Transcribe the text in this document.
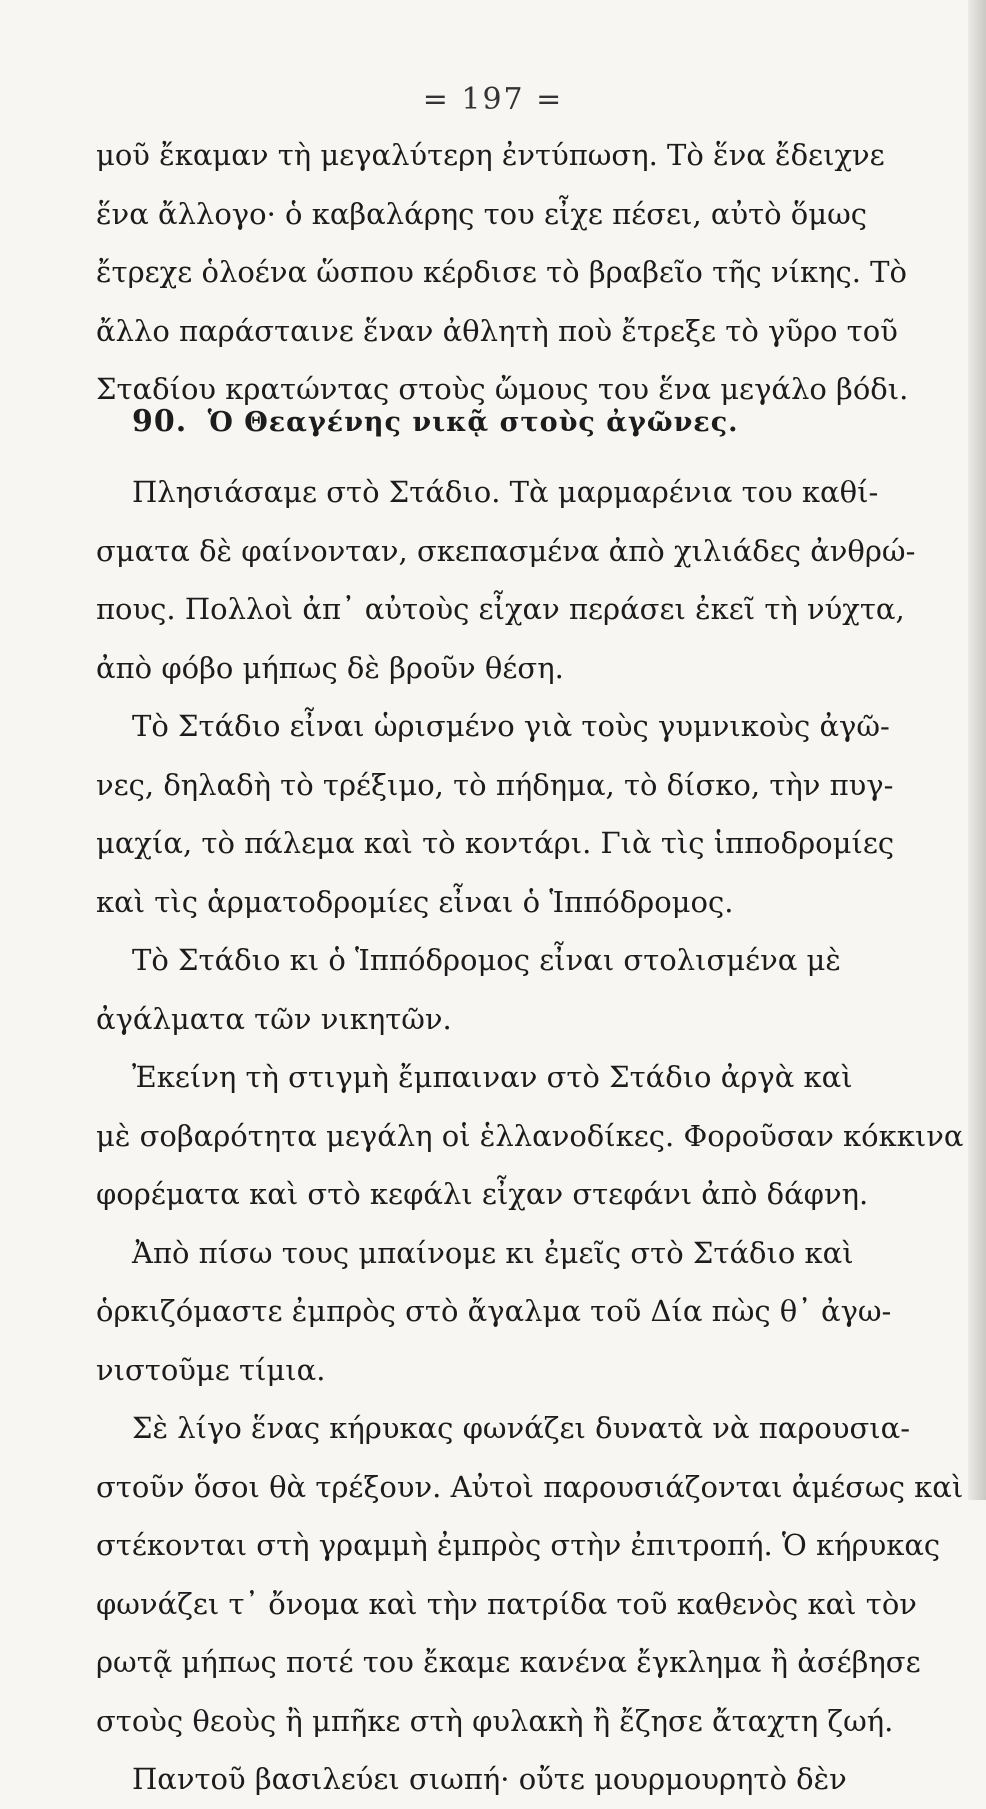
= 197 =
μοῦ ἔκαμαν τὴ μεγαλύτερη ἐντύπωση. Τὸ ἕνα ἔδειχνε
ἕνα ἄλλογο· ὁ καβαλάρης του εἶχε πέσει, αὐτὸ ὅμως
ἔτρεχε ὁλοένα ὥσπου κέρδισε τὸ βραβεῖο τῆς νίκης. Τὸ
ἄλλο παράσταινε ἕναν ἀθλητὴ ποὺ ἔτρεξε τὸ γῦρο τοῦ
Σταδίου κρατώντας στοὺς ὤμους του ἕνα μεγάλο βόδι.
90. Ὁ Θεαγένης νικᾷ στοὺς ἀγῶνες.
Πλησιάσαμε στὸ Στάδιο. Τὰ μαρμαρένια του καθί-
σματα δὲ φαίνονταν, σκεπασμένα ἀπὸ χιλιάδες ἀνθρώ-
πους. Πολλοὶ ἀπ᾽ αὐτοὺς εἶχαν περάσει ἐκεῖ τὴ νύχτα,
ἀπὸ φόβο μήπως δὲ βροῦν θέση.
Τὸ Στάδιο εἶναι ὡρισμένο γιὰ τοὺς γυμνικοὺς ἀγῶ-
νες, δηλαδὴ τὸ τρέξιμο, τὸ πήδημα, τὸ δίσκο, τὴν πυγ-
μαχία, τὸ πάλεμα καὶ τὸ κοντάρι. Γιὰ τὶς ἱπποδρομίες
καὶ τὶς ἁρματοδρομίες εἶναι ὁ Ἱππόδρομος.
Τὸ Στάδιο κι ὁ Ἱππόδρομος εἶναι στολισμένα μὲ
ἀγάλματα τῶν νικητῶν.
Ἐκείνη τὴ στιγμὴ ἔμπαιναν στὸ Στάδιο ἀργὰ καὶ
μὲ σοβαρότητα μεγάλη οἱ ἑλλανοδίκες. Φοροῦσαν κόκκινα
φορέματα καὶ στὸ κεφάλι εἶχαν στεφάνι ἀπὸ δάφνη.
Ἀπὸ πίσω τους μπαίνομε κι ἐμεῖς στὸ Στάδιο καὶ
ὁρκιζόμαστε ἐμπρὸς στὸ ἄγαλμα τοῦ Δία πὼς θ᾽ ἀγω-
νιστοῦμε τίμια.
Σὲ λίγο ἕνας κήρυκας φωνάζει δυνατὰ νὰ παρουσια-
στοῦν ὅσοι θὰ τρέξουν. Αὐτοὶ παρουσιάζονται ἀμέσως καὶ
στέκονται στὴ γραμμὴ ἐμπρὸς στὴν ἐπιτροπή. Ὁ κήρυκας
φωνάζει τ᾽ ὄνομα καὶ τὴν πατρίδα τοῦ καθενὸς καὶ τὸν
ρωτᾷ μήπως ποτέ του ἔκαμε κανένα ἔγκλημα ἢ ἀσέβησε
στοὺς θεοὺς ἢ μπῆκε στὴ φυλακὴ ἢ ἔζησε ἄταχτη ζωή.
Παντοῦ βασιλεύει σιωπή· οὔτε μουρμουρητὸ δὲν
